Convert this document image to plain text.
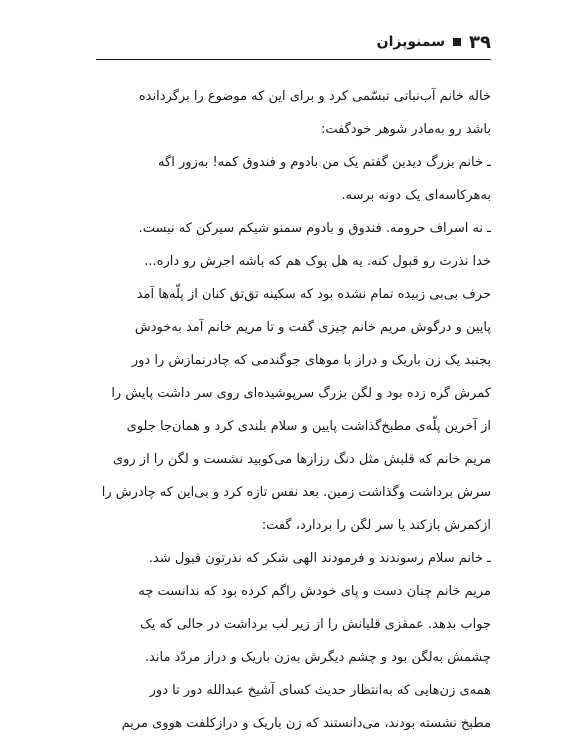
۳۹
سمنوپزان

خاله خانم آب‌نباتی تبسّمی کرد و برای این که موضوع را برگردانده

باشد رو به‌مادر شوهر خودگفت:

ـ خانم بزرگ دیدین گفتم یک من بادوم و فندوق کمه! به‌زور اگه

به‌هرکاسه‌ای یک دونه برسه.

ـ نه اسراف حرومه. فندوق و بادوم سمنو شیکم سیرکن که نیست.

خدا نذرت رو قبول کنه. یه هل پوک هم که باشه اجرش رو داره...

حرف بی‌بی زبیده تمام نشده بود که سکینه تق‌تق کنان از پلّه‌ها آمد

پایین و درگوش مریم خانم چیزی گفت و تا مریم خانم آمد به‌خودش

بجنبد یک زن باریک و دراز با موهای جوگندمی که چادرنمازش را دور

کمرش گره زده بود و لگن بزرگ سرپوشیده‌ای روی سر داشت پایش را

از آخرین پلّه‌ی مطبخ‌گذاشت پایین و سلام بلندی کرد و همان‌جا جلوی

مریم خانم که قلبش مثل دنگ رزازها می‌کوبید نشست و لگن را از روی

سرش برداشت وگذاشت زمین. بعد نفس تازه کرد و بی‌این که چادرش را

ازکمرش بازکند یا سر لگن را بردارد، گفت:

ـ خانم سلام رسوندند و فرمودند الهی شکر که نذرتون قبول شد.

مریم خانم چنان دست و پای خودش راگم کرده بود که ندانست چه

جواب بدهد. عمقزی قلیانش را از زیر لب برداشت در حالی که یک

چشمش به‌لگن بود و چشم دیگرش به‌زن باریک و دراز مردّد ماند.

همه‌ی زن‌هایی که به‌انتظار حدیث کسای آشیخ عبدالله دور تا دور

مطبخ نشسته بودند، می‌دانستند که زن باریک و درازکلفت هووی مریم
